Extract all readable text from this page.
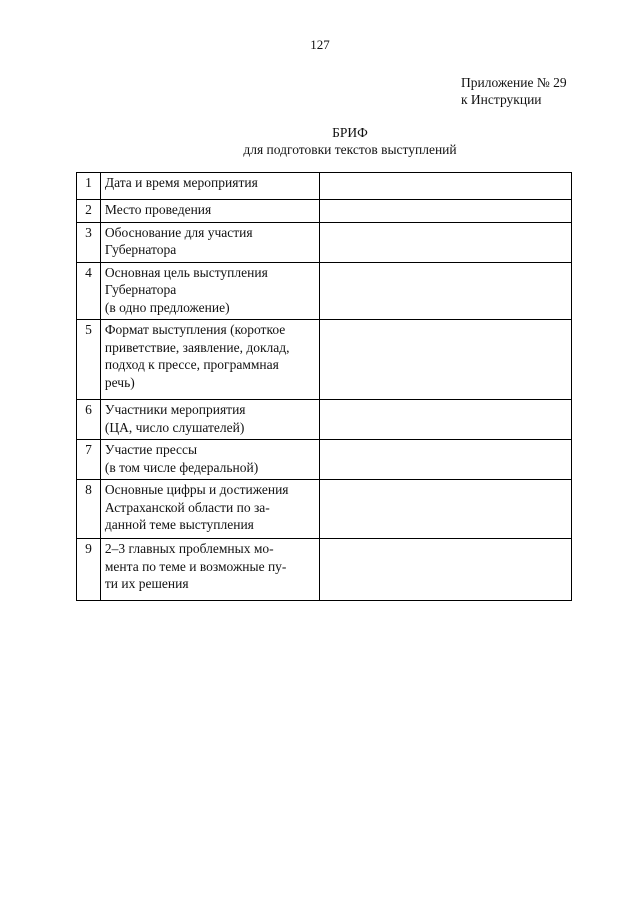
127
Приложение № 29
к Инструкции
БРИФ
для подготовки текстов выступлений
1	Дата и время мероприятия	

2	Место проведения	

3	Обоснование для участия
Губернатора	

4	Основная цель выступления
Губернатора
(в одно предложение)	

5	Формат выступления (короткое
приветствие, заявление, доклад,
подход к прессе, программная
речь)	

6	Участники мероприятия
(ЦА, число слушателей)	

7	Участие прессы
(в том числе федеральной)	

8	Основные цифры и достижения
Астраханской области по за-
данной теме выступления	

9	2–3 главных проблемных мо-
мента по теме и возможные пу-
ти их решения	
